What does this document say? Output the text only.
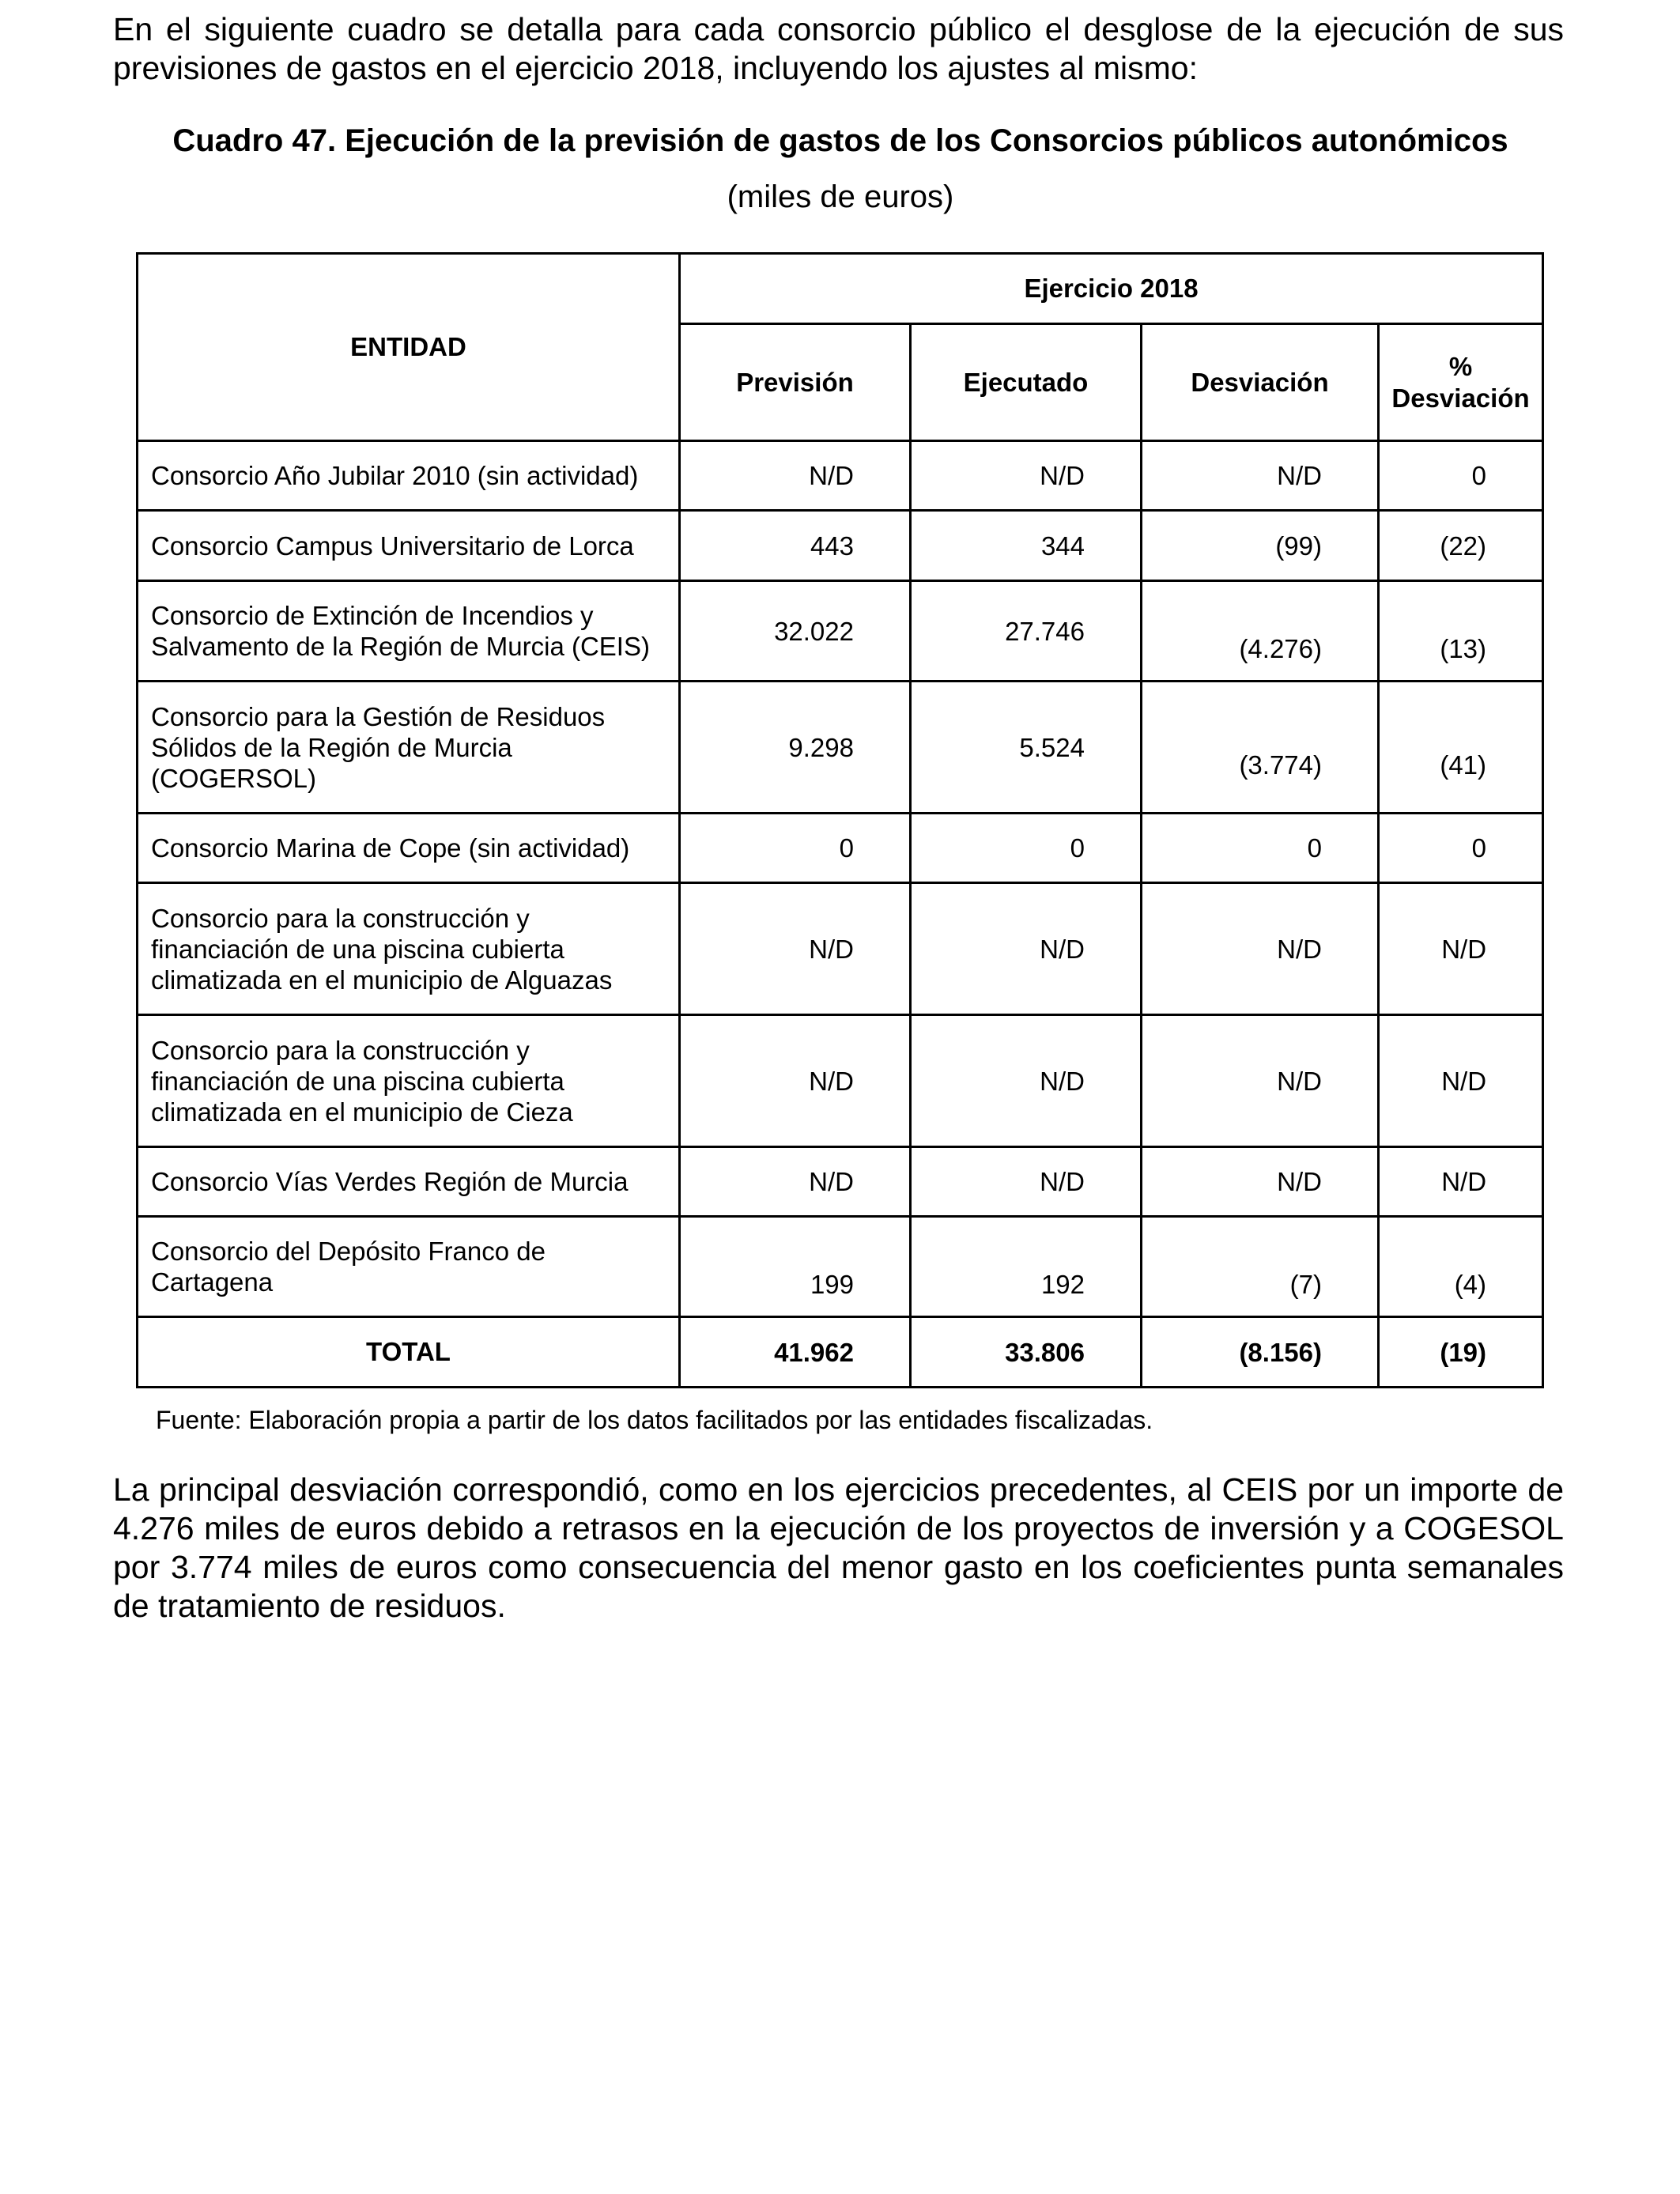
En el siguiente cuadro se detalla para cada consorcio público el desglose de la ejecución de sus previsiones de gastos en el ejercicio 2018, incluyendo los ajustes al mismo:

Cuadro 47. Ejecución de la previsión de gastos de los Consorcios públicos autonómicos

(miles de euros)

ENTIDAD	Ejercicio 2018			
	Previsión	Ejecutado	Desviación	% Desviación
Consorcio Año Jubilar 2010 (sin actividad)	N/D	N/D	N/D	0
Consorcio Campus Universitario de Lorca	443	344	(99)	(22)
Consorcio de Extinción de Incendios y Salvamento de la Región de Murcia (CEIS)	32.022	27.746	(4.276)	(13)
Consorcio para la Gestión de Residuos Sólidos de la Región de Murcia (COGERSOL)	9.298	5.524	(3.774)	(41)
Consorcio Marina de Cope (sin actividad)	0	0	0	0
Consorcio para la construcción y financiación de una piscina cubierta climatizada en el municipio de Alguazas	N/D	N/D	N/D	N/D
Consorcio para la construcción y financiación de una piscina cubierta climatizada en el municipio de Cieza	N/D	N/D	N/D	N/D
Consorcio Vías Verdes Región de Murcia	N/D	N/D	N/D	N/D
Consorcio del Depósito Franco de Cartagena	199	192	(7)	(4)
TOTAL	41.962	33.806	(8.156)	(19)

Fuente: Elaboración propia a partir de los datos facilitados por las entidades fiscalizadas.

La principal desviación correspondió, como en los ejercicios precedentes, al CEIS por un importe de 4.276 miles de euros debido a retrasos en la ejecución de los proyectos de inversión y a COGESOL por 3.774 miles de euros como consecuencia del menor gasto en los coeficientes punta semanales de tratamiento de residuos.
